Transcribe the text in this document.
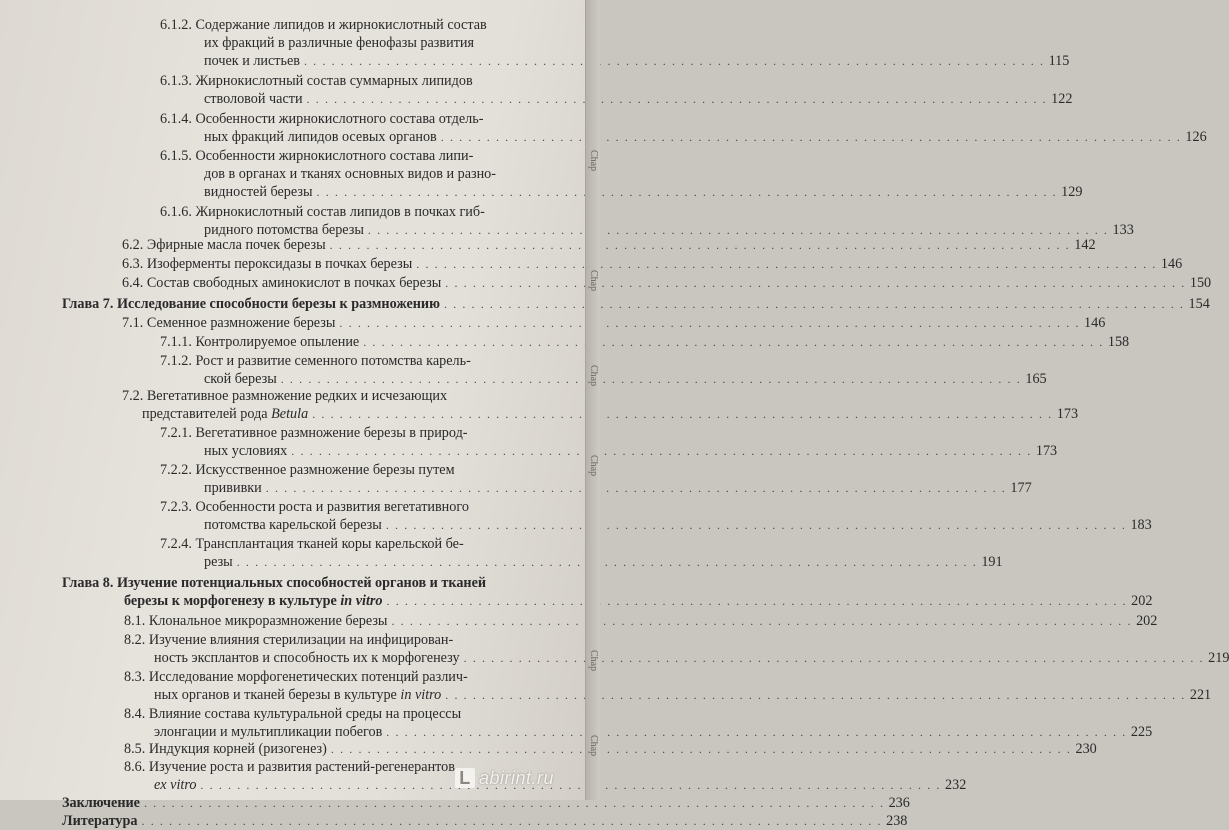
6.1.2. Содержание липидов и жирнокислотный состав
их фракций в различные фенофазы развития
почек и листьев . . .	115
6.1.3. Жирнокислотный состав суммарных липидов
стволовой части . . .	122
6.1.4. Особенности жирнокислотного состава отдель-
ных фракций липидов осевых органов . . .	126
6.1.5. Особенности жирнокислотного состава липи-
дов в органах и тканях основных видов и разно-
видностей березы . . .	129
6.1.6. Жирнокислотный состав липидов в почках гиб-
ридного потомства березы . . .	133
6.2. Эфирные масла почек березы . . .	142
6.3. Изоферменты пероксидазы в почках березы . . .	146
6.4. Состав свободных аминокислот в почках березы . . .	150
Глава 7. Исследование способности березы к размножению . . .	154
7.1. Семенное размножение березы . . .	146
7.1.1. Контролируемое опыление . . .	158
7.1.2. Рост и развитие семенного потомства карель-
ской березы . . .	165
7.2. Вегетативное размножение редких и исчезающих
представителей рода Betula . . .	173
7.2.1. Вегетативное размножение березы в природ-
ных условиях . . .	173
7.2.2. Искусственное размножение березы путем
прививки . . .	177
7.2.3. Особенности роста и развития вегетативного
потомства карельской березы . . .	183
7.2.4. Трансплантация тканей коры карельской бе-
резы . . .	191
Глава 8. Изучение потенциальных способностей органов и тканей
березы к морфогенезу в культуре in vitro . . .	202
8.1. Клональное микроразмножение березы . . .	202
8.2. Изучение влияния стерилизации на инфицирован-
ность эксплантов и способность их к морфогенезу . . .	219
8.3. Исследование морфогенетических потенций различ-
ных органов и тканей березы в культуре in vitro . . .	221
8.4. Влияние состава культуральной среды на процессы
элонгации и мультипликации побегов . . .	225
8.5. Индукция корней (ризогенез) . . .	230
8.6. Изучение роста и развития растений-регенерантов
ex vitro . . .	232
Заключение . . .	236
Литература . . .	238
L abirint.ru
Chap
Chap
Chap
Chap
Chap
Chap
